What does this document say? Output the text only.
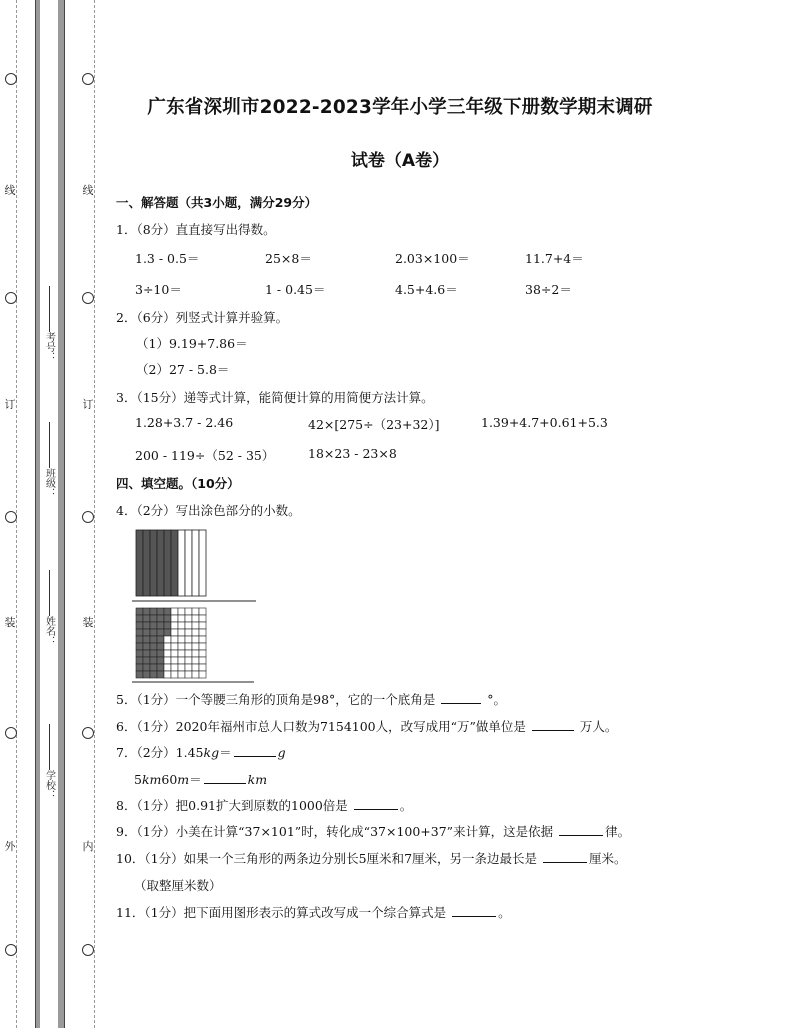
线
订
装
外
线
订
装
内
考号：
班级：
姓名：
学校：
广东省深圳市2022-2023学年小学三年级下册数学期末调研
试卷（A卷）
一、解答题（共3小题，满分29分）
1．（8分）直直接写出得数。
1.3 - 0.5＝	25×8＝	2.03×100＝	11.7+4＝
3÷10＝	1 - 0.45＝	4.5+4.6＝	38÷2＝
2．（6分）列竖式计算并验算。
（1）9.19+7.86＝
（2）27 - 5.8＝
3．（15分）递等式计算，能简便计算的用简便方法计算。
1.28+3.7 - 2.46	42×[275÷（23+32）]	1.39+4.7+0.61+5.3
200 - 119÷（52 - 35）	18×23 - 23×8
四、填空题。（10分）
4．（2分）写出涂色部分的小数。
5．（1分）一个等腰三角形的顶角是98°，它的一个底角是	°。
6．（1分）2020年福州市总人口数为7154100人，改写成用“万”做单位是	万人。
7．（2分）1.45kg＝	g
5km60m＝	km
8．（1分）把0.91扩大到原数的1000倍是	。
9．（1分）小美在计算“37×101”时，转化成“37×100+37”来计算，这是依据	律。
10．（1分）如果一个三角形的两条边分别长5厘米和7厘米，另一条边最长是	厘米。
（取整厘米数）
11．（1分）把下面用图形表示的算式改写成一个综合算式是	。
